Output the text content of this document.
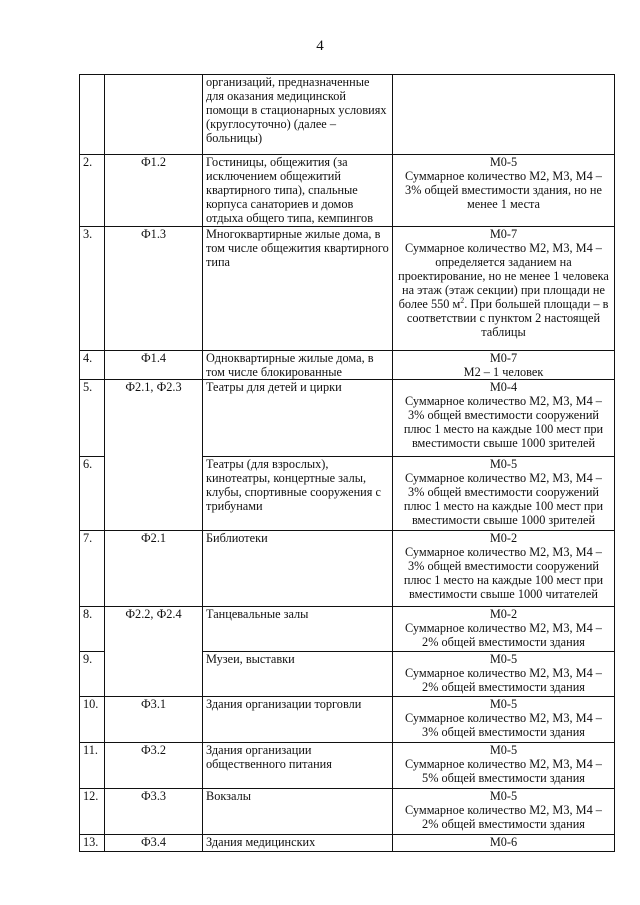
4
		организаций, предназначенные для оказания медицинской помощи в стационарных условиях (круглосуточно) (далее – больницы)	

2.	Ф1.2	Гостиницы, общежития (за исключением общежитий квартирного типа), спальные корпуса санаториев и домов отдыха общего типа, кемпингов	М0-5
Суммарное количество М2, М3, М4 – 3% общей вместимости здания, но не менее 1 места

3.	Ф1.3	Многоквартирные жилые дома, в том числе общежития квартирного типа	М0-7
Суммарное количество М2, М3, М4 – определяется заданием на проектирование, но не менее 1 человека на этаж (этаж секции) при площади не более 550 $м^2$. При большей площади – в соответствии с пунктом 2 настоящей таблицы

4.	Ф1.4	Одноквартирные жилые дома, в том числе блокированные	М0-7
М2 – 1 человек

5.	Ф2.1, Ф2.3	Театры для детей и цирки	М0-4
Суммарное количество М2, М3, М4 – 3% общей вместимости сооружений плюс 1 место на каждые 100 мест при вместимости свыше 1000 зрителей

6.		Театры (для взрослых), кинотеатры, концертные залы, клубы, спортивные сооружения с трибунами	М0-5
Суммарное количество М2, М3, М4 – 3% общей вместимости сооружений плюс 1 место на каждые 100 мест при вместимости свыше 1000 зрителей

7.	Ф2.1	Библиотеки	М0-2
Суммарное количество М2, М3, М4 – 3% общей вместимости сооружений плюс 1 место на каждые 100 мест при вместимости свыше 1000 читателей

8.	Ф2.2, Ф2.4	Танцевальные залы	М0-2
Суммарное количество М2, М3, М4 – 2% общей вместимости здания

9.		Музеи, выставки	М0-5
Суммарное количество М2, М3, М4 – 2% общей вместимости здания

10.	Ф3.1	Здания организации торговли	М0-5
Суммарное количество М2, М3, М4 – 3% общей вместимости здания

11.	Ф3.2	Здания организации общественного питания	М0-5
Суммарное количество М2, М3, М4 – 5% общей вместимости здания

12.	Ф3.3	Вокзалы	М0-5
Суммарное количество М2, М3, М4 – 2% общей вместимости здания

13.	Ф3.4	Здания медицинских	М0-6
